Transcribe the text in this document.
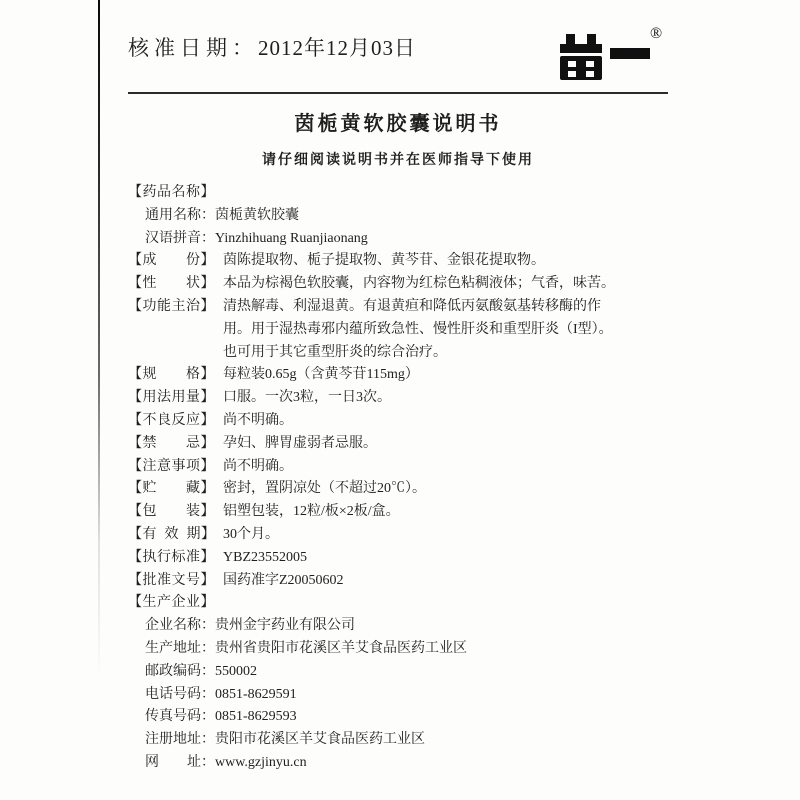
核准日期：2012年12月03日
®
茵栀黄软胶囊说明书
请仔细阅读说明书并在医师指导下使用
【药品名称】
通用名称：茵栀黄软胶囊
汉语拼音：Yinzhihuang Ruanjiaonang
【成　　份】 茵陈提取物、栀子提取物、黄芩苷、金银花提取物。
【性　　状】 本品为棕褐色软胶囊，内容物为红棕色粘稠液体；气香，味苦。
【功能主治】 清热解毒、利湿退黄。有退黄疸和降低丙氨酸氨基转移酶的作
用。用于湿热毒邪内蕴所致急性、慢性肝炎和重型肝炎（I型）。
也可用于其它重型肝炎的综合治疗。
【规　　格】 每粒装0.65g（含黄芩苷115mg）
【用法用量】 口服。一次3粒，一日3次。
【不良反应】 尚不明确。
【禁　　忌】 孕妇、脾胃虚弱者忌服。
【注意事项】 尚不明确。
【贮　　藏】 密封，置阴凉处（不超过20℃）。
【包　　装】 铝塑包装，12粒/板×2板/盒。
【有 效 期】 30个月。
【执行标准】 YBZ23552005
【批准文号】 国药准字Z20050602
【生产企业】
企业名称：贵州金宇药业有限公司
生产地址：贵州省贵阳市花溪区羊艾食品医药工业区
邮政编码：550002
电话号码：0851-8629591
传真号码：0851-8629593
注册地址：贵阳市花溪区羊艾食品医药工业区
网　　址：www.gzjinyu.cn
